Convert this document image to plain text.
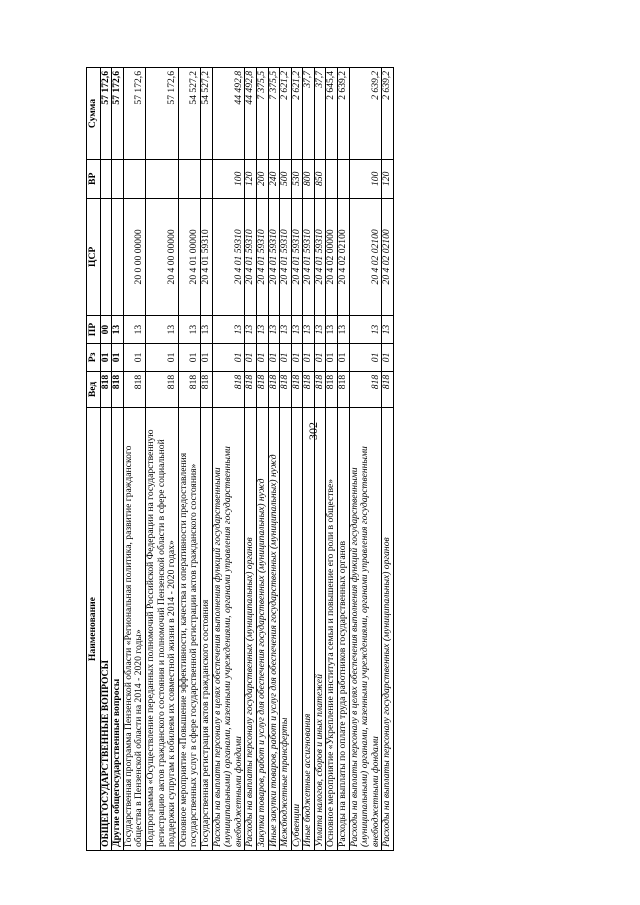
302
Наименование	Вед	Рз	ПР	ЦСР	ВР	Сумма
ОБЩЕГОСУДАРСТВЕННЫЕ ВОПРОСЫ	818	01	00			57 172,6
Другие общегосударственные вопросы	818	01	13			57 172,6
Государственная программа Пензенской области «Региональная политика, развитие гражданского общества в Пензенской области на 2014 - 2020 годы»	818	01	13	20 0 00 00000		57 172,6
Подпрограмма «Осуществление переданных полномочий Российской Федерации на государственную регистрацию актов гражданского состояния и полномочий Пензенской области в сфере социальной поддержки супругам к юбилеям их совместной жизни в 2014 - 2020 годах»	818	01	13	20 4 00 00000		57 172,6
Основное мероприятие «Повышение эффективности, качества и оперативности предоставления государственных услуг в сфере государственной регистрации актов гражданского состояния»	818	01	13	20 4 01 00000		54 527,2
Государственная регистрация актов гражданского состояния	818	01	13	20 4 01 59310		54 527,2
Расходы на выплаты персоналу в целях обеспечения выполнения функций государственными (муниципальными) органами, казенными учреждениями, органами управления государственными внебюджетными фондами	818	01	13	20 4 01 59310	100	44 492,8
Расходы на выплаты персоналу государственных (муниципальных) органов	818	01	13	20 4 01 59310	120	44 492,8
Закупка товаров, работ и услуг для обеспечения государственных (муниципальных) нужд	818	01	13	20 4 01 59310	200	7 375,5
Иные закупки товаров, работ и услуг для обеспечения государственных (муниципальных) нужд	818	01	13	20 4 01 59310	240	7 375,5
Межбюджетные трансферты	818	01	13	20 4 01 59310	500	2 621,2
Субвенции	818	01	13	20 4 01 59310	530	2 621,2
Иные бюджетные ассигнования	818	01	13	20 4 01 59310	800	37,7
Уплата налогов, сборов и иных платежей	818	01	13	20 4 01 59310	850	37,7
Основное мероприятие «Укрепление института семьи и повышение его роли в обществе»	818	01	13	20 4 02 00000		2 645,4
Расходы на выплаты по оплате труда работников государственных органов	818	01	13	20 4 02 02100		2 639,2
Расходы на выплаты персоналу в целях обеспечения выполнения функций государственными (муниципальными) органами, казенными учреждениями, органами управления государственными внебюджетными фондами	818	01	13	20 4 02 02100	100	2 639,2
Расходы на выплаты персоналу государственных (муниципальных) органов	818	01	13	20 4 02 02100	120	2 639,2
